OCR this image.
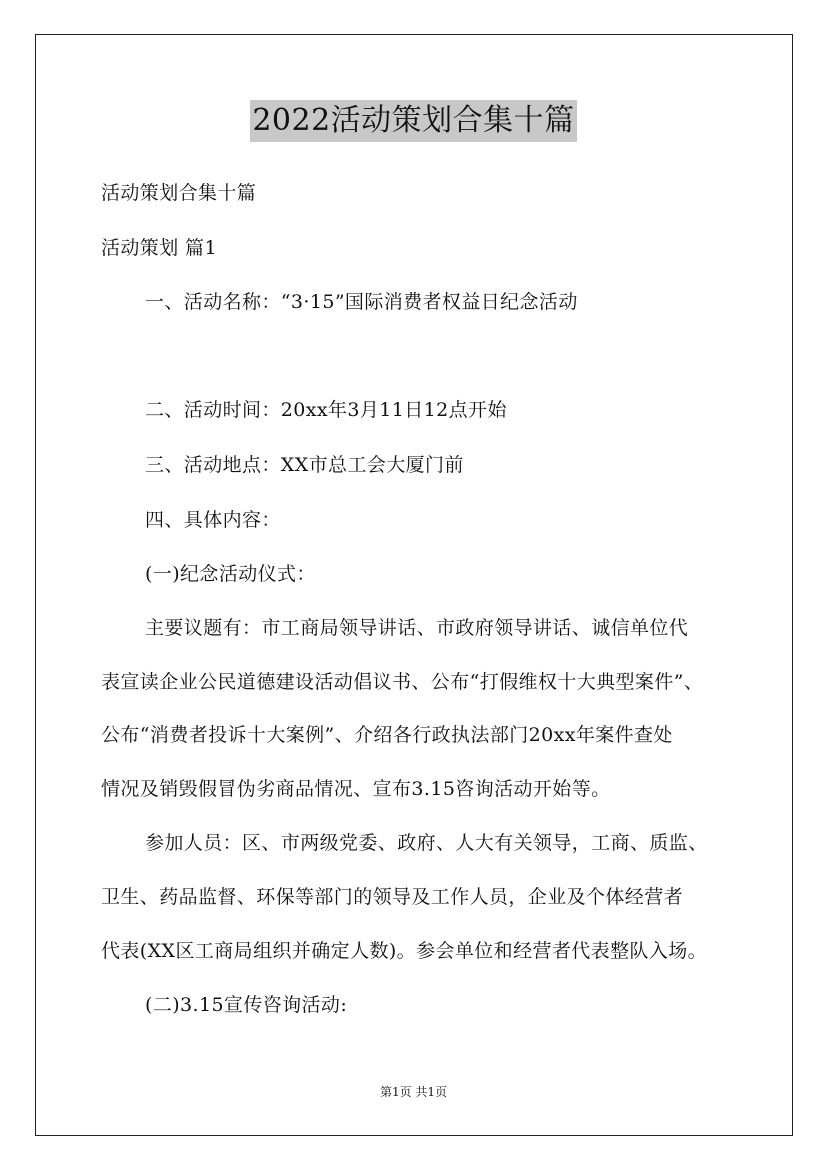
2022活动策划合集十篇
活动策划合集十篇
活动策划 篇1
一、活动名称：“3·15”国际消费者权益日纪念活动
二、活动时间：20xx年3月11日12点开始
三、活动地点：XX市总工会大厦门前
四、具体内容：
(一)纪念活动仪式：
主要议题有：市工商局领导讲话、市政府领导讲话、诚信单位代
表宣读企业公民道德建设活动倡议书、公布“打假维权十大典型案件”、
公布“消费者投诉十大案例”、介绍各行政执法部门20xx年案件查处
情况及销毁假冒伪劣商品情况、宣布3.15咨询活动开始等。
参加人员：区、市两级党委、政府、人大有关领导，工商、质监、
卫生、药品监督、环保等部门的领导及工作人员，企业及个体经营者
代表(XX区工商局组织并确定人数)。参会单位和经营者代表整队入场。
(二)3.15宣传咨询活动:
第1页 共1页
